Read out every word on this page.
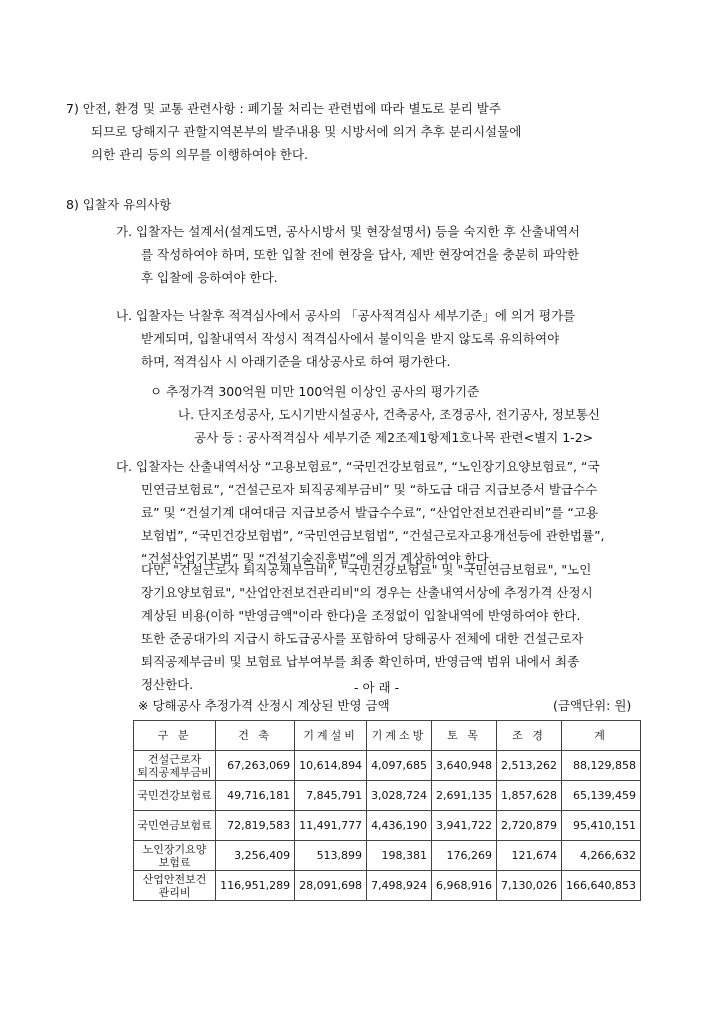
7) 안전, 환경 및 교통 관련사항 : 폐기물 처리는 관련법에 따라 별도로 분리 발주
되므로 당해지구 관할지역본부의 발주내용 및 시방서에 의거 추후 분리시설물에
의한 관리 등의 의무를 이행하여야 한다.
8) 입찰자 유의사항
가. 입찰자는 설계서(설계도면, 공사시방서 및 현장설명서) 등을 숙지한 후 산출내역서
를 작성하여야 하며, 또한 입찰 전에 현장을 답사, 제반 현장여건을 충분히 파악한
후 입찰에 응하여야 한다.
나. 입찰자는 낙찰후 적격심사에서 공사의 「공사적격심사 세부기준」에 의거 평가를
받게되며, 입찰내역서 작성시 적격심사에서 불이익을 받지 않도록 유의하여야
하며, 적격심사 시 아래기준을 대상공사로 하여 평가한다.
ㅇ 추정가격 300억원 미만 100억원 이상인 공사의 평가기준
나. 단지조성공사, 도시기반시설공사, 건축공사, 조경공사, 전기공사, 정보통신
공사 등 : 공사적격심사 세부기준 제2조제1항제1호나목 관련<별지 1-2>
다. 입찰자는 산출내역서상 “고용보험료”, “국민건강보험료”, “노인장기요양보험료”, “국
민연금보험료”, “건설근로자 퇴직공제부금비” 및 “하도급 대금 지급보증서 발급수수
료” 및 “건설기계 대여대금 지급보증서 발급수수료”, “산업안전보건관리비”를 “고용
보험법”, “국민건강보험법”, “국민연금보험법”, “건설근로자고용개선등에 관한법률”,
“건설산업기본법” 및 “건설기술진흥법”에 의거 계상하여야 한다.
다만, "건설근로자 퇴직공제부금비", "국민건강보험료" 및 "국민연금보험료", "노인
장기요양보험료", "산업안전보건관리비"의 경우는 산출내역서상에 추정가격 산정시
계상된 비용(이하 "반영금액"이라 한다)을 조정없이 입찰내역에 반영하여야 한다.
또한 준공대가의 지급시 하도급공사를 포함하여 당해공사 전체에 대한 건설근로자
퇴직공제부금비 및 보험료 납부여부를 최종 확인하며, 반영금액 범위 내에서 최종
정산한다.	- 아 래 -
※ 당해공사 추정가격 산정시 계상된 반영 금액	(금액단위: 원)
구 분	건 축	기계설비	기계소방	토 목	조 경	계

건설근로자
퇴직공제부금비	67,263,069	10,614,894	4,097,685	3,640,948	2,513,262	88,129,858

국민건강보험료	49,716,181	7,845,791	3,028,724	2,691,135	1,857,628	65,139,459

국민연금보험료	72,819,583	11,491,777	4,436,190	3,941,722	2,720,879	95,410,151

노인장기요양
보험료	3,256,409	513,899	198,381	176,269	121,674	4,266,632

산업안전보건
관리비	116,951,289	28,091,698	7,498,924	6,968,916	7,130,026	166,640,853
